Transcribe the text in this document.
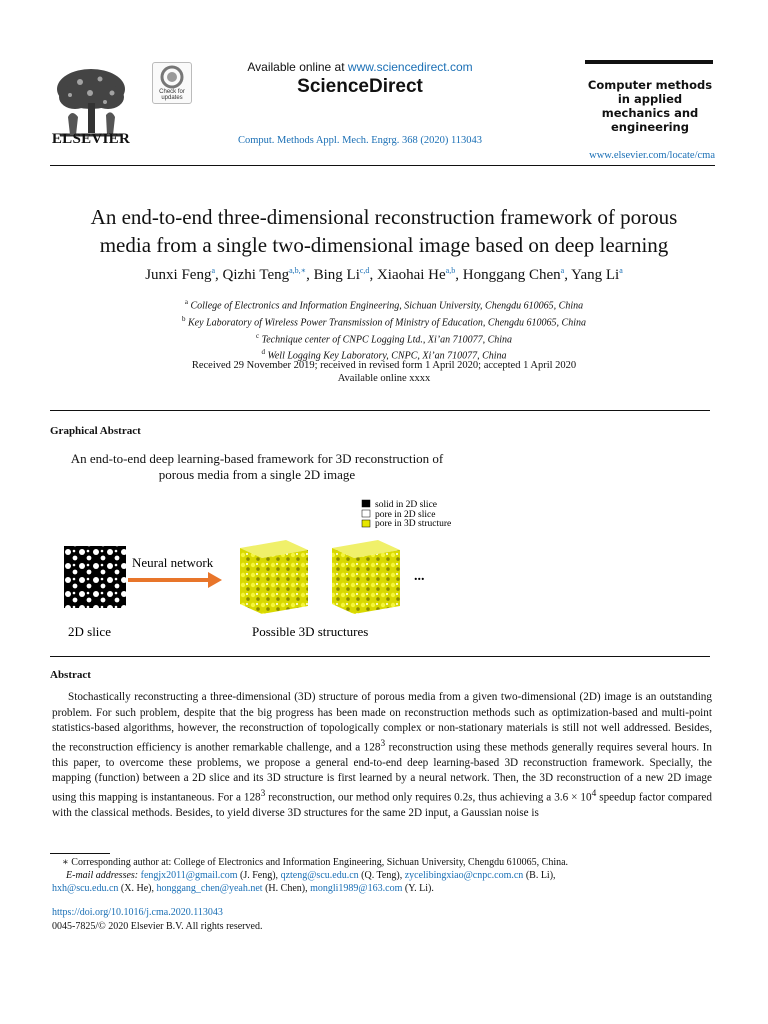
ELSEVIER
Check for updates
Available online at www.sciencedirect.com
ScienceDirect
Comput. Methods Appl. Mech. Engrg. 368 (2020) 113043
Computer methods
in applied
mechanics and
engineering
www.elsevier.com/locate/cma
An end-to-end three-dimensional reconstruction framework of porous
media from a single two-dimensional image based on deep learning
Junxi Feng$^a$, Qizhi Teng$^{a,b,∗}$, Bing Li$^{c,d}$, Xiaohai He$^{a,b}$, Honggang Chen$^a$, Yang Li$^a$
$^a$ College of Electronics and Information Engineering, Sichuan University, Chengdu 610065, China
$^b$ Key Laboratory of Wireless Power Transmission of Ministry of Education, Chengdu 610065, China
$^c$ Technique center of CNPC Logging Ltd., Xi’an 710077, China
$^d$ Well Logging Key Laboratory, CNPC, Xi’an 710077, China
Received 29 November 2019; received in revised form 1 April 2020; accepted 1 April 2020
Available online xxxx
Graphical Abstract
An end-to-end deep learning-based framework for 3D reconstruction of
porous media from a single 2D image
solid in 2D slice
pore in 2D slice
pore in 3D structure
2D slice
Neural network
...
Possible 3D structures
Abstract
Stochastically reconstructing a three-dimensional (3D) structure of porous media from a given two-dimensional (2D) image is an outstanding problem. For such problem, despite that the big progress has been made on reconstruction methods such as optimization-based and multi-point statistics-based algorithms, however, the reconstruction of topologically complex or non-stationary materials is still not well addressed. Besides, the reconstruction efficiency is another remarkable challenge, and a $128^3$ reconstruction using these methods generally requires several hours. In this paper, to overcome these problems, we propose a general end-to-end deep learning-based 3D reconstruction framework. Specially, the mapping (function) between a 2D slice and its 3D structure is first learned by a neural network. Then, the 3D reconstruction of a new 2D image using this mapping is instantaneous. For a $128^3$ reconstruction, our method only requires 0.2s, thus achieving a $3.6 \times 10^4$ speedup factor compared with the classical methods. Besides, to yield diverse 3D structures for the same 2D input, a Gaussian noise is
∗ Corresponding author at: College of Electronics and Information Engineering, Sichuan University, Chengdu 610065, China.
E-mail addresses: fengjx2011@gmail.com (J. Feng), qzteng@scu.edu.cn (Q. Teng), zycelibingxiao@cnpc.com.cn (B. Li),
hxh@scu.edu.cn (X. He), honggang_chen@yeah.net (H. Chen), mongli1989@163.com (Y. Li).
https://doi.org/10.1016/j.cma.2020.113043
0045-7825/© 2020 Elsevier B.V. All rights reserved.
